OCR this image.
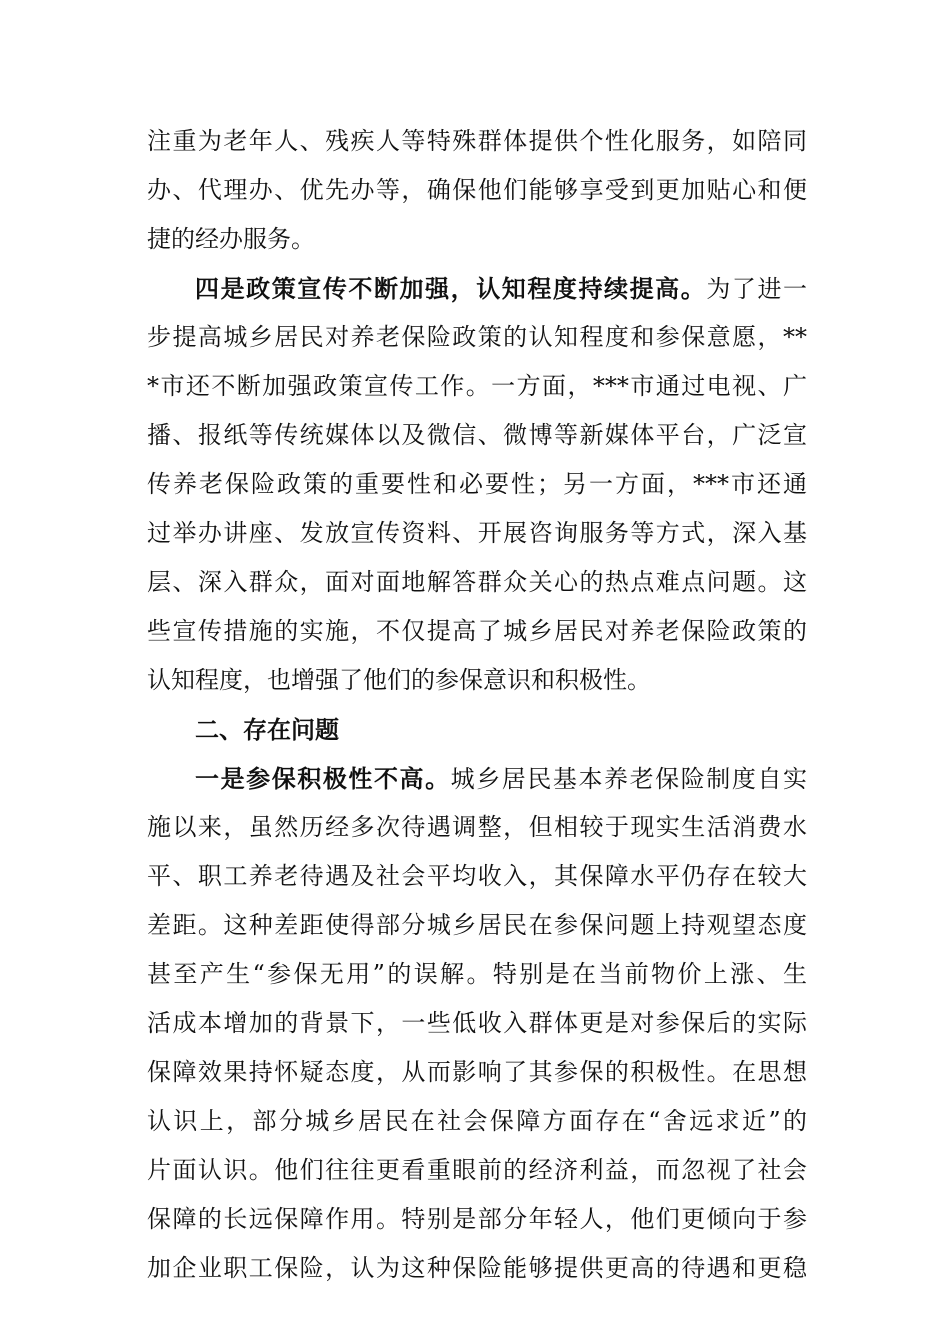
注重为老年人、残疾人等特殊群体提供个性化服务，如陪同
办、代理办、优先办等，确保他们能够享受到更加贴心和便
捷的经办服务。
四是政策宣传不断加强，认知程度持续提高。为了进一
步提高城乡居民对养老保险政策的认知程度和参保意愿，**
*市还不断加强政策宣传工作。一方面，***市通过电视、广
播、报纸等传统媒体以及微信、微博等新媒体平台，广泛宣
传养老保险政策的重要性和必要性；另一方面，***市还通
过举办讲座、发放宣传资料、开展咨询服务等方式，深入基
层、深入群众，面对面地解答群众关心的热点难点问题。这
些宣传措施的实施，不仅提高了城乡居民对养老保险政策的
认知程度，也增强了他们的参保意识和积极性。
二、存在问题
一是参保积极性不高。城乡居民基本养老保险制度自实
施以来，虽然历经多次待遇调整，但相较于现实生活消费水
平、职工养老待遇及社会平均收入，其保障水平仍存在较大
差距。这种差距使得部分城乡居民在参保问题上持观望态度
甚至产生“参保无用”的误解。特别是在当前物价上涨、生
活成本增加的背景下，一些低收入群体更是对参保后的实际
保障效果持怀疑态度，从而影响了其参保的积极性。在思想
认识上，部分城乡居民在社会保障方面存在“舍远求近”的
片面认识。他们往往更看重眼前的经济利益，而忽视了社会
保障的长远保障作用。特别是部分年轻人，他们更倾向于参
加企业职工保险，认为这种保险能够提供更高的待遇和更稳
